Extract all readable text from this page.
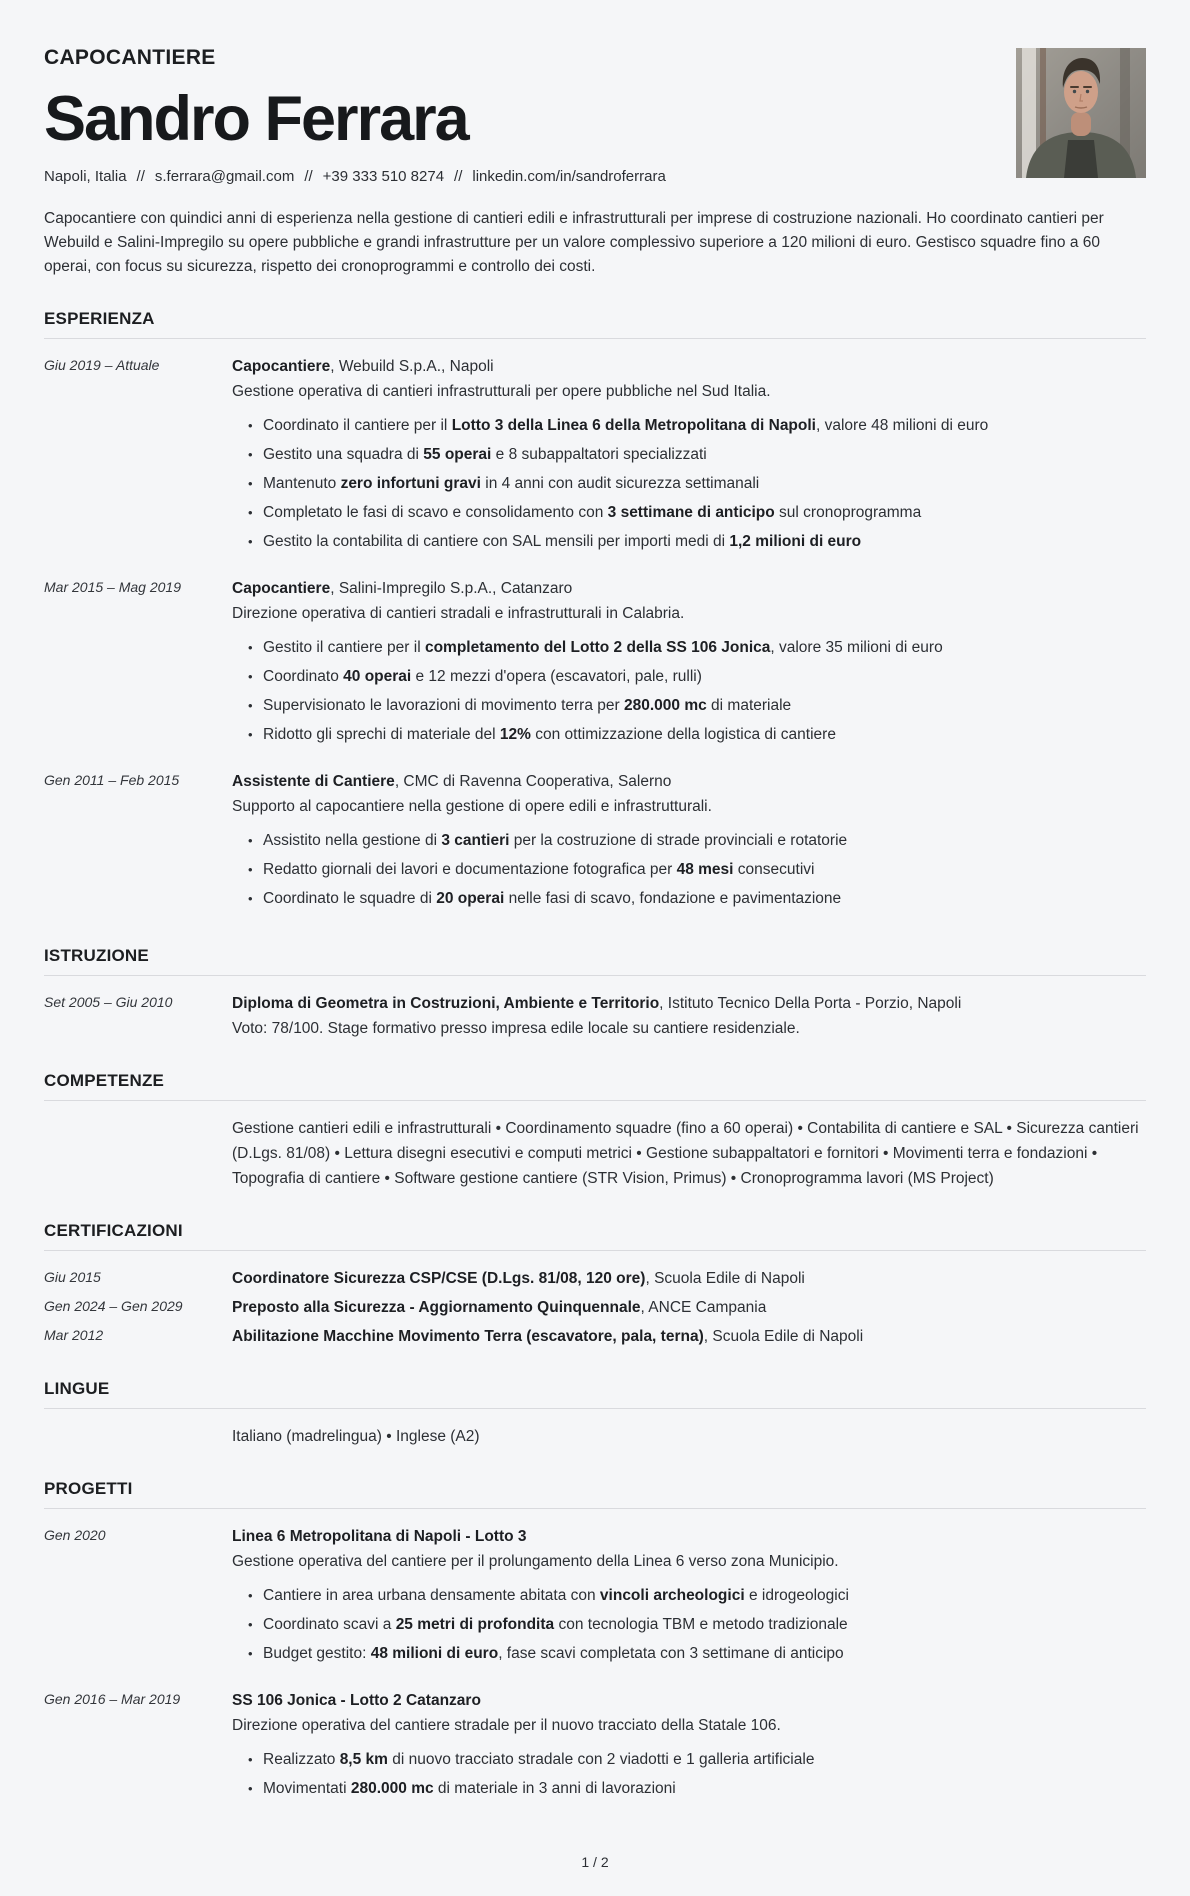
CAPOCANTIERE
Sandro Ferrara
Napoli, Italia // s.ferrara@gmail.com // +39 333 510 8274 // linkedin.com/in/sandroferrara

Capocantiere con quindici anni di esperienza nella gestione di cantieri edili e infrastrutturali per imprese di costruzione nazionali. Ho coordinato cantieri per Webuild e Salini-Impregilo su opere pubbliche e grandi infrastrutture per un valore complessivo superiore a 120 milioni di euro. Gestisco squadre fino a 60 operai, con focus su sicurezza, rispetto dei cronoprogrammi e controllo dei costi.

ESPERIENZA
Giu 2019 – Attuale	Capocantiere, Webuild S.p.A., Napoli
Gestione operativa di cantieri infrastrutturali per opere pubbliche nel Sud Italia.
• Coordinato il cantiere per il Lotto 3 della Linea 6 della Metropolitana di Napoli, valore 48 milioni di euro
• Gestito una squadra di 55 operai e 8 subappaltatori specializzati
• Mantenuto zero infortuni gravi in 4 anni con audit sicurezza settimanali
• Completato le fasi di scavo e consolidamento con 3 settimane di anticipo sul cronoprogramma
• Gestito la contabilita di cantiere con SAL mensili per importi medi di 1,2 milioni di euro
Mar 2015 – Mag 2019	Capocantiere, Salini-Impregilo S.p.A., Catanzaro
Direzione operativa di cantieri stradali e infrastrutturali in Calabria.
• Gestito il cantiere per il completamento del Lotto 2 della SS 106 Jonica, valore 35 milioni di euro
• Coordinato 40 operai e 12 mezzi d'opera (escavatori, pale, rulli)
• Supervisionato le lavorazioni di movimento terra per 280.000 mc di materiale
• Ridotto gli sprechi di materiale del 12% con ottimizzazione della logistica di cantiere
Gen 2011 – Feb 2015	Assistente di Cantiere, CMC di Ravenna Cooperativa, Salerno
Supporto al capocantiere nella gestione di opere edili e infrastrutturali.
• Assistito nella gestione di 3 cantieri per la costruzione di strade provinciali e rotatorie
• Redatto giornali dei lavori e documentazione fotografica per 48 mesi consecutivi
• Coordinato le squadre di 20 operai nelle fasi di scavo, fondazione e pavimentazione
ISTRUZIONE
Set 2005 – Giu 2010	Diploma di Geometra in Costruzioni, Ambiente e Territorio, Istituto Tecnico Della Porta - Porzio, Napoli
Voto: 78/100. Stage formativo presso impresa edile locale su cantiere residenziale.
COMPETENZE
Gestione cantieri edili e infrastrutturali • Coordinamento squadre (fino a 60 operai) • Contabilita di cantiere e SAL • Sicurezza cantieri (D.Lgs. 81/08) • Lettura disegni esecutivi e computi metrici • Gestione subappaltatori e fornitori • Movimenti terra e fondazioni • Topografia di cantiere • Software gestione cantiere (STR Vision, Primus) • Cronoprogramma lavori (MS Project)
CERTIFICAZIONI
Giu 2015	Coordinatore Sicurezza CSP/CSE (D.Lgs. 81/08, 120 ore), Scuola Edile di Napoli
Gen 2024 – Gen 2029	Preposto alla Sicurezza - Aggiornamento Quinquennale, ANCE Campania
Mar 2012	Abilitazione Macchine Movimento Terra (escavatore, pala, terna), Scuola Edile di Napoli
LINGUE
Italiano (madrelingua) • Inglese (A2)
PROGETTI
Gen 2020	Linea 6 Metropolitana di Napoli - Lotto 3
Gestione operativa del cantiere per il prolungamento della Linea 6 verso zona Municipio.
• Cantiere in area urbana densamente abitata con vincoli archeologici e idrogeologici
• Coordinato scavi a 25 metri di profondita con tecnologia TBM e metodo tradizionale
• Budget gestito: 48 milioni di euro, fase scavi completata con 3 settimane di anticipo
Gen 2016 – Mar 2019	SS 106 Jonica - Lotto 2 Catanzaro
Direzione operativa del cantiere stradale per il nuovo tracciato della Statale 106.
• Realizzato 8,5 km di nuovo tracciato stradale con 2 viadotti e 1 galleria artificiale
• Movimentati 280.000 mc di materiale in 3 anni di lavorazioni
1 / 2
